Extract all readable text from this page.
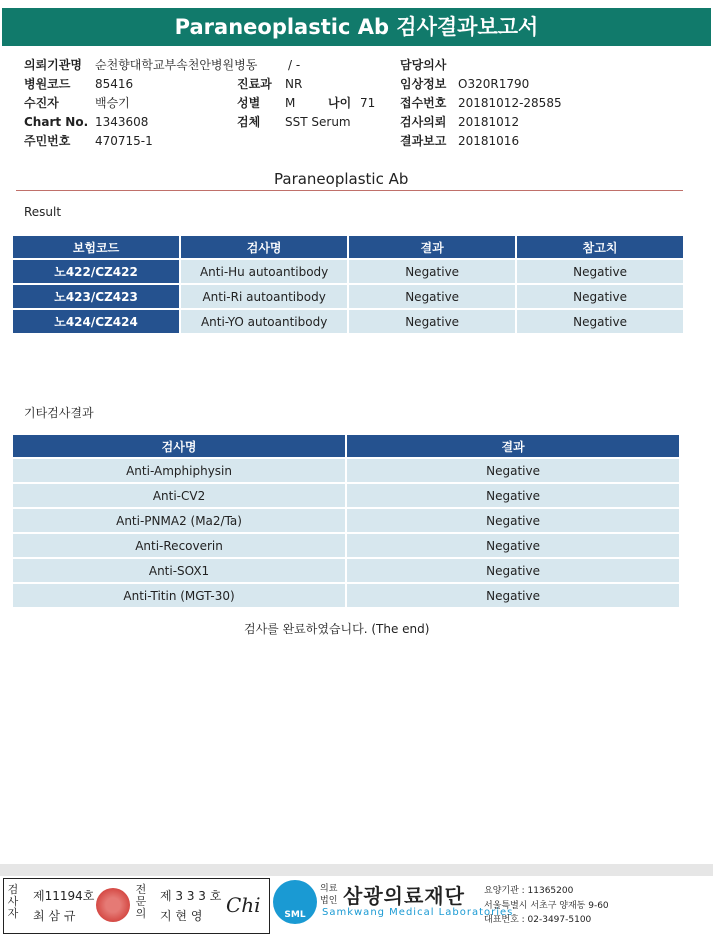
Paraneoplastic Ab 검사결과보고서
의뢰기관명 순천향대학교부속천안병원병동	/ -	담당의사
병원코드 85416	진료과 NR	임상정보 O320R1790
수진자	백승기	성별 M	나이 71 접수번호 20181012-28585
Chart No. 1343608	검체 SST Serum	검사의뢰 20181012
주민번호 470715-1	결과보고 20181016
Paraneoplastic Ab
Result
보험코드	검사명	결과	참고치
노422/CZ422	Anti-Hu autoantibody	Negative	Negative
노423/CZ423	Anti-Ri autoantibody	Negative	Negative
노424/CZ424	Anti-YO autoantibody	Negative	Negative
기타검사결과
검사명	결과
Anti-Amphiphysin	Negative
Anti-CV2	Negative
Anti-PNMA2 (Ma2/Ta)	Negative
Anti-Recoverin	Negative
Anti-SOX1	Negative
Anti-Titin (MGT-30)	Negative
검사를 완료하였습니다. (The end)
검
사
자
제11194호
최 삼 규
전
문
의
제 3 3 3 호
지 현 영 Chi	SML
의료
법인 삼광의료재단
Samkwang Medical Laboratories
요양기관 : 11365200
서울특별시 서초구 양재동 9-60
대표번호 : 02-3497-5100
